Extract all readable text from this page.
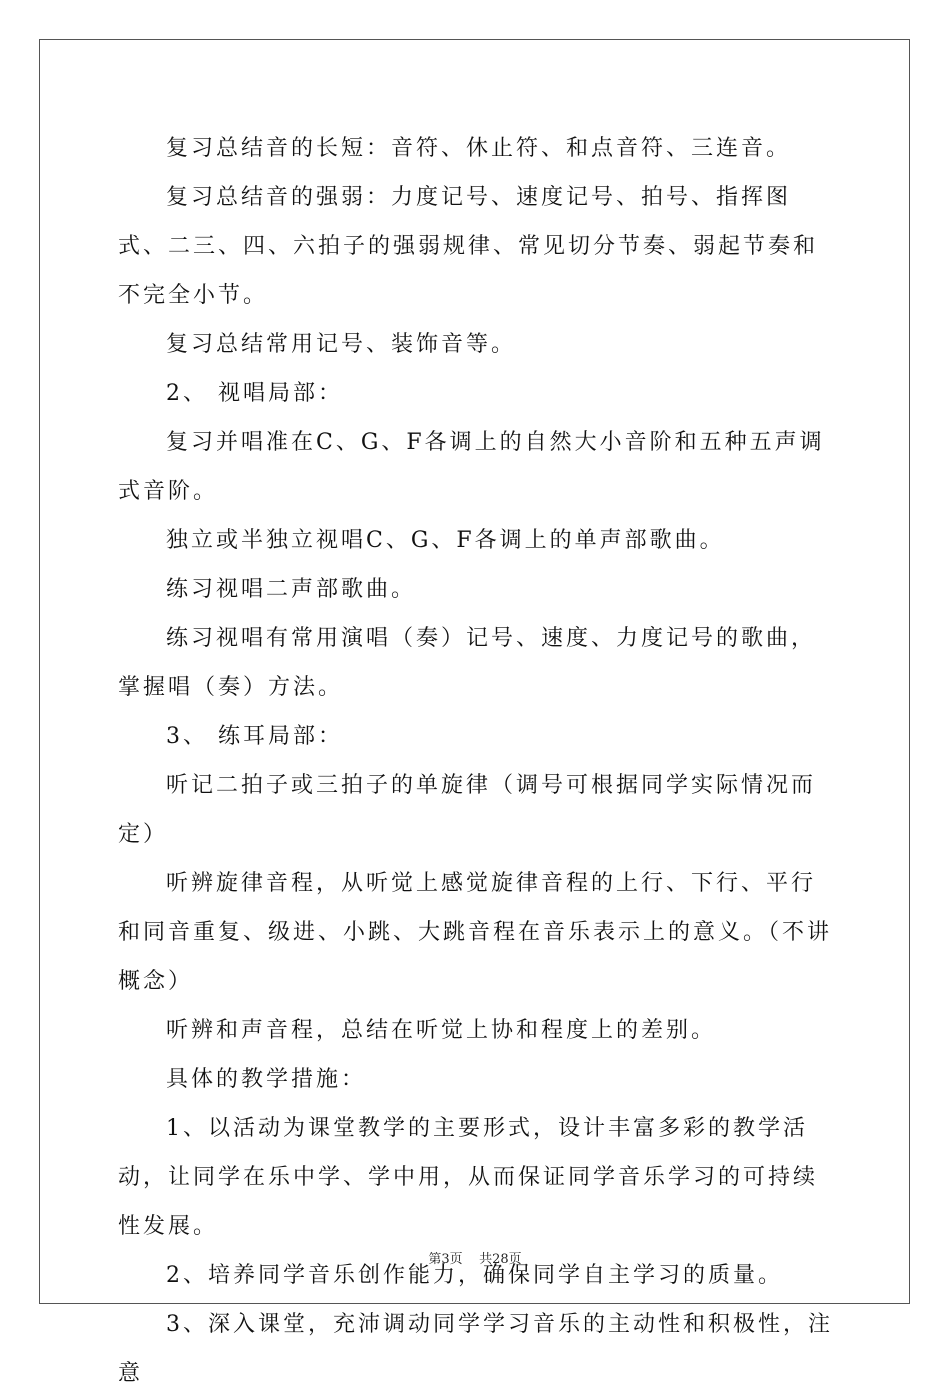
复习总结音的长短：音符、休止符、和点音符、三连音。

复习总结音的强弱：力度记号、速度记号、拍号、指挥图式、二三、四、六拍子的强弱规律、常见切分节奏、弱起节奏和不完全小节。

复习总结常用记号、装饰音等。

2、 视唱局部：

复习并唱准在C、G、F各调上的自然大小音阶和五种五声调式音阶。

独立或半独立视唱C、G、F各调上的单声部歌曲。

练习视唱二声部歌曲。

练习视唱有常用演唱（奏）记号、速度、力度记号的歌曲，掌握唱（奏）方法。

3、 练耳局部：

听记二拍子或三拍子的单旋律（调号可根据同学实际情况而定）

听辨旋律音程，从听觉上感觉旋律音程的上行、下行、平行和同音重复、级进、小跳、大跳音程在音乐表示上的意义。（不讲概念）

听辨和声音程，总结在听觉上协和程度上的差别。

具体的教学措施：

1、以活动为课堂教学的主要形式，设计丰富多彩的教学活动，让同学在乐中学、学中用，从而保证同学音乐学习的可持续性发展。

2、培养同学音乐创作能力，确保同学自主学习的质量。

3、深入课堂，充沛调动同学学习音乐的主动性和积极性，注意

第3页 共28页
